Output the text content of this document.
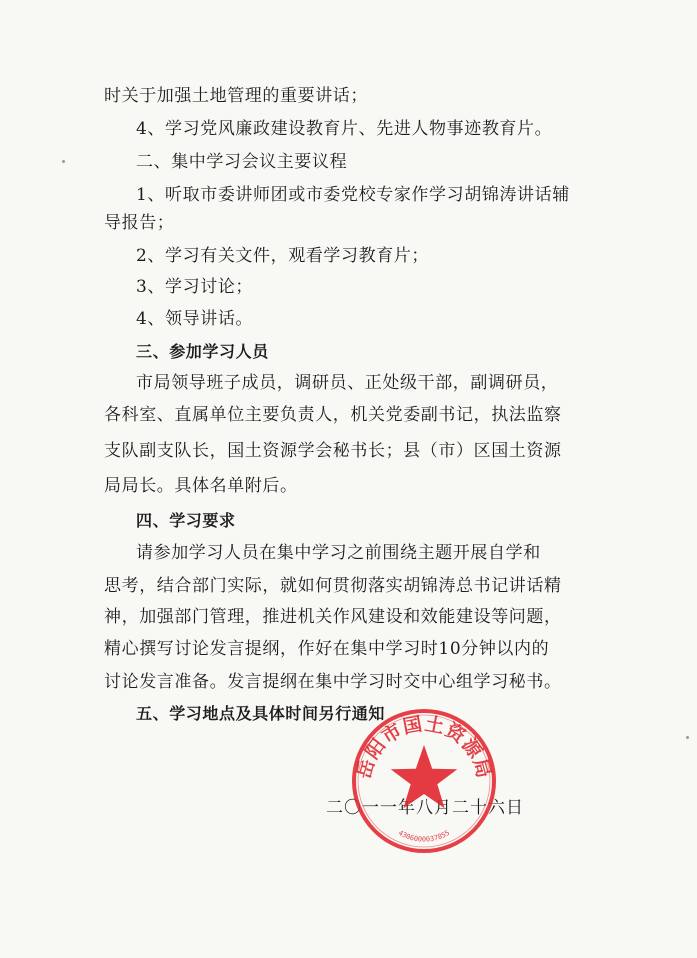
时关于加强土地管理的重要讲话；
4、学习党风廉政建设教育片、先进人物事迹教育片。
二、集中学习会议主要议程
1、听取市委讲师团或市委党校专家作学习胡锦涛讲话辅
导报告；
2、学习有关文件，观看学习教育片；
3、学习讨论；
4、领导讲话。
三、参加学习人员
市局领导班子成员，调研员、正处级干部，副调研员，
各科室、直属单位主要负责人，机关党委副书记，执法监察
支队副支队长，国土资源学会秘书长；县（市）区国土资源
局局长。具体名单附后。
四、学习要求
请参加学习人员在集中学习之前围绕主题开展自学和
思考，结合部门实际，就如何贯彻落实胡锦涛总书记讲话精
神，加强部门管理，推进机关作风建设和效能建设等问题，
精心撰写讨论发言提纲，作好在集中学习时10分钟以内的
讨论发言准备。发言提纲在集中学习时交中心组学习秘书。
五、学习地点及具体时间另行通知
二〇一一年八月二十六日
岳阳市国土资源局
4306000037855
